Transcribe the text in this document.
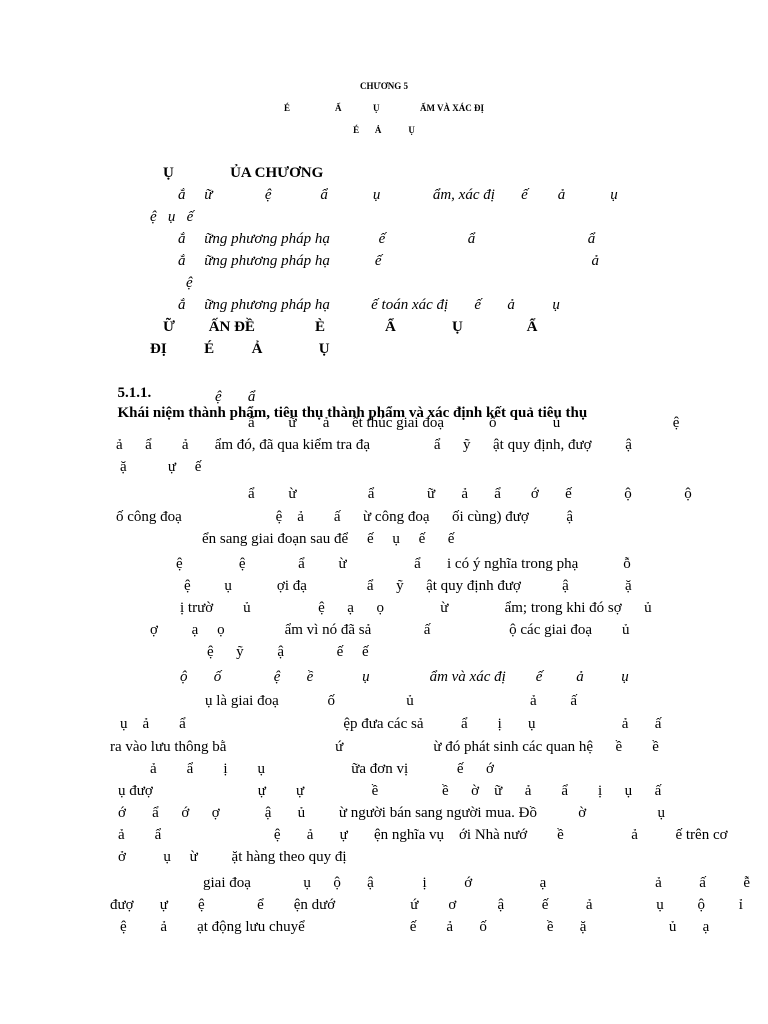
CHƯƠNG 5
É                    Ẩ              Ụ                  ẨM VÀ XÁC ĐỊ
É       Ả            Ụ
Ụ               ỦA CHƯƠNG
ắ     ữ              ệ             ẩ            ụ              ẩm, xác đị       ế        ả            ụ
ệ   ụ   ế
ắ     ững phương pháp hạ             ế                      ẩ                              ẩ
ắ     ững phương pháp hạ            ế                                                        ả
ệ
ắ     ững phương pháp hạ           ế toán xác đị       ế       ả          ụ
Ữ         ẤN ĐỀ                È                Ẩ               Ụ                 Ẩ
ĐỊ          É          Ả               Ụ

5.1.1.
Khái niệm thành phẩm, tiêu thụ thành phẩm và xác định kết quả tiêu thụ

ệ       ẩ
ẩ         ữ       ả      ết thúc giai đoạ            ố               ủ                              ệ
ả      ẩ        ả       ẩm đó, đã qua kiểm tra đạ                 ẩ      ỹ      ật quy định, đượ         ậ
ặ           ự     ế
ẩ         ừ                   ẩ              ữ       ả       ẩ        ớ       ế              ộ              ộ
ố công đoạ                         ệ    ả        ấ      ừ công đoạ      ối cùng) đượ          ậ
ển sang giai đoạn sau để     ế     ụ     ế      ế
ệ               ệ              ẩ         ừ                  ẩ       i có ý nghĩa trong phạ            ỗ
ệ         ụ            ợi đạ                ẩ      ỹ      ật quy định đượ           ậ               ặ
ị trườ        ủ                  ệ      ạ      ọ               ừ               ẩm; trong khi đó sợ      ủ
ợ         ạ     ọ                ẩm vì nó đã sả              ấ                     ộ các giai đoạ        ủ
ệ      ỹ         ậ              ế     ế
ộ       ố              ệ       ề             ụ                ẩm và xác đị        ế         ả          ụ
ụ là giai đoạ             ố                   ủ                               ả         ấ
ụ    ả        ẩ                                          ệp đưa các sả          ẩ        ị       ụ                       ả       ấ
ra vào lưu thông bằ                             ứ                        ừ đó phát sinh các quan hệ      ề        ề
ả        ẩ        ị        ụ                       ữa đơn vị             ế      ớ
ụ đượ                            ự        ự                  ề                 ề      ờ    ữ      ả        ẩ        ị      ụ      ấ
ớ       ẩ      ớ      ợ            ậ       ủ         ừ người bán sang người mua. Đồ           ờ                   ụ
ả        ẩ                              ệ       ả       ự       ện nghĩa vụ    ới Nhà nướ        ề                  ả          ế trên cơ
ở          ụ     ừ         ặt hàng theo quy đị
giai đoạ              ụ      ộ       ậ             ị          ớ                  ạ                             ả          ấ          ễ
đượ       ự        ệ              ể        ện dướ                    ứ        ơ           ậ          ế          ả                 ụ         ộ         ỉ
ệ         ả        ạt động lưu chuyể                            ế        ả       ố                ề       ặ                      ủ       ạ
